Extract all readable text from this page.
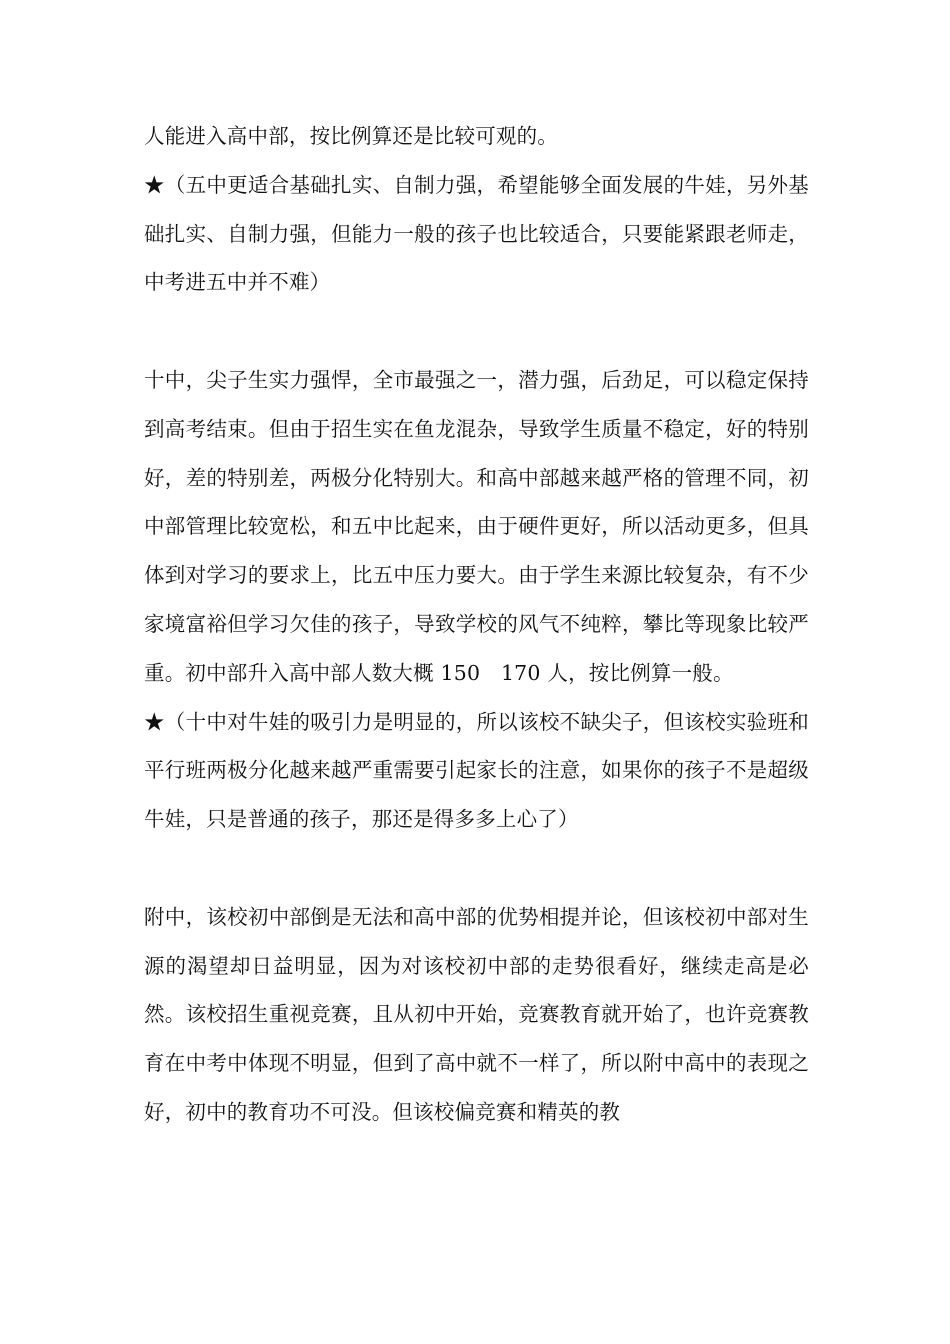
人能进入高中部，按比例算还是比较可观的。

★（五中更适合基础扎实、自制力强，希望能够全面发展的牛娃，另外基础扎实、自制力强，但能力一般的孩子也比较适合，只要能紧跟老师走，中考进五中并不难）

十中，尖子生实力强悍，全市最强之一，潜力强，后劲足，可以稳定保持到高考结束。但由于招生实在鱼龙混杂，导致学生质量不稳定，好的特别好，差的特别差，两极分化特别大。和高中部越来越严格的管理不同，初中部管理比较宽松，和五中比起来，由于硬件更好，所以活动更多，但具体到对学习的要求上，比五中压力要大。由于学生来源比较复杂，有不少家境富裕但学习欠佳的孩子，导致学校的风气不纯粹，攀比等现象比较严重。初中部升入高中部人数大概 150　170 人，按比例算一般。

★（十中对牛娃的吸引力是明显的，所以该校不缺尖子，但该校实验班和平行班两极分化越来越严重需要引起家长的注意，如果你的孩子不是超级牛娃，只是普通的孩子，那还是得多多上心了）

附中，该校初中部倒是无法和高中部的优势相提并论，但该校初中部对生源的渴望却日益明显，因为对该校初中部的走势很看好，继续走高是必然。该校招生重视竞赛，且从初中开始，竞赛教育就开始了，也许竞赛教育在中考中体现不明显，但到了高中就不一样了，所以附中高中的表现之好，初中的教育功不可没。但该校偏竞赛和精英的教
